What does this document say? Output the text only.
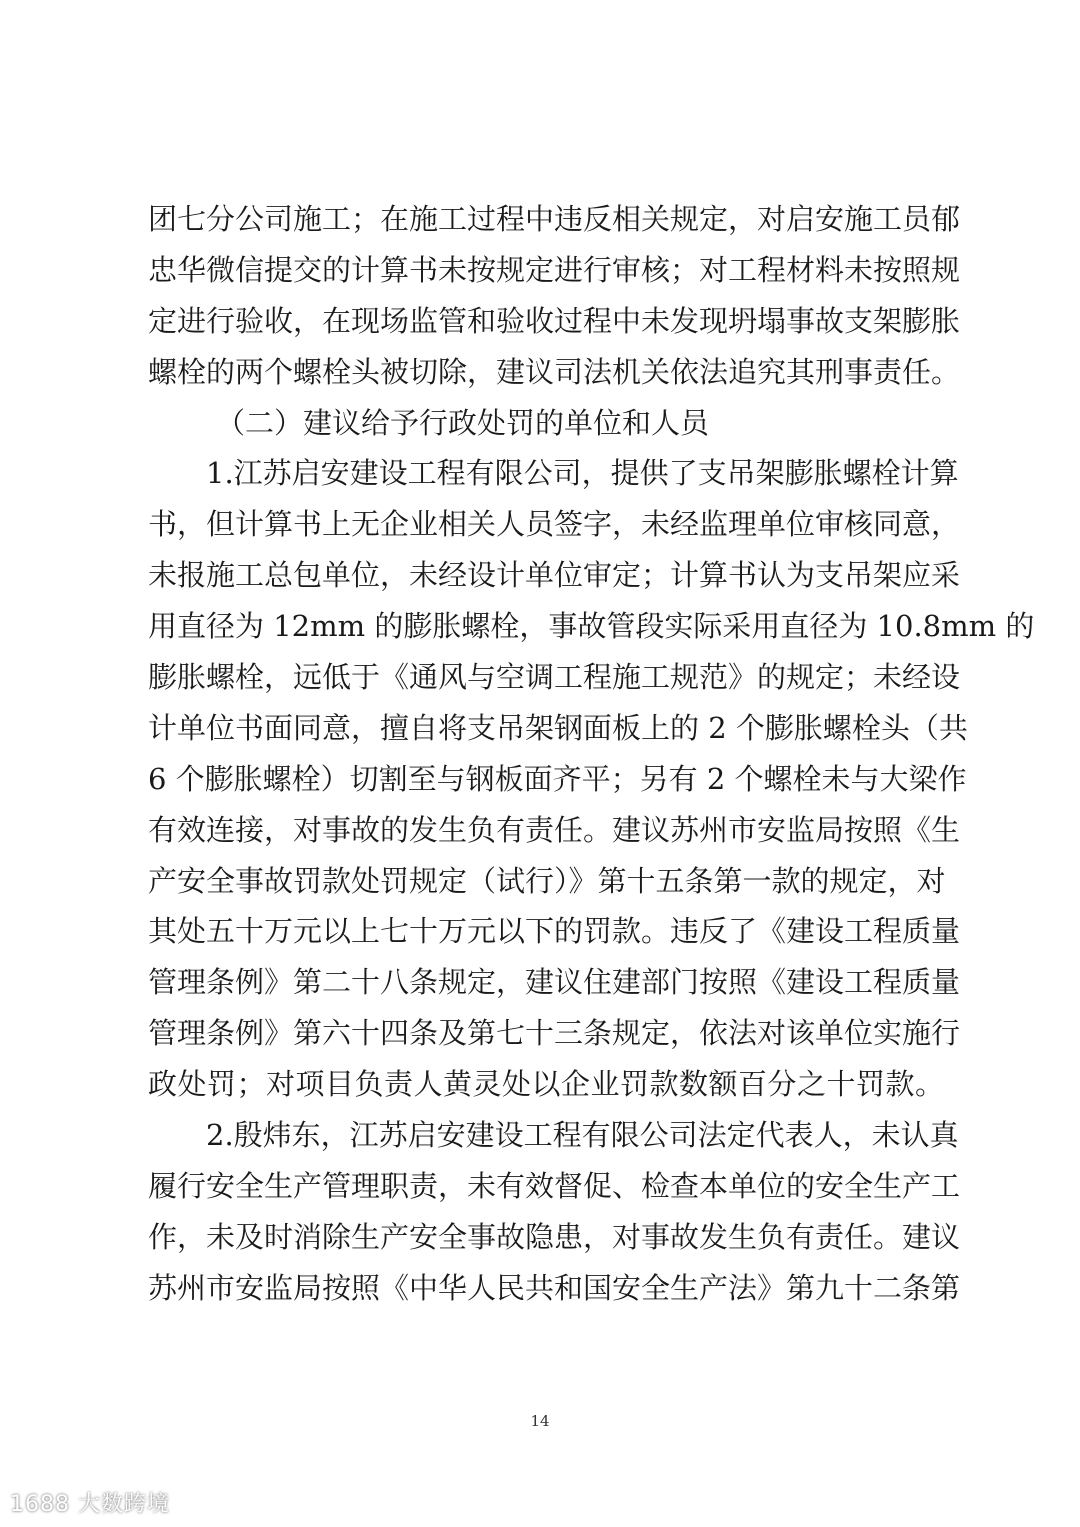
团七分公司施工；在施工过程中违反相关规定，对启安施工员郁
忠华微信提交的计算书未按规定进行审核；对工程材料未按照规
定进行验收，在现场监管和验收过程中未发现坍塌事故支架膨胀
螺栓的两个螺栓头被切除，建议司法机关依法追究其刑事责任。
（二）建议给予行政处罚的单位和人员
1.江苏启安建设工程有限公司，提供了支吊架膨胀螺栓计算
书，但计算书上无企业相关人员签字，未经监理单位审核同意，
未报施工总包单位，未经设计单位审定；计算书认为支吊架应采
用直径为 12mm 的膨胀螺栓，事故管段实际采用直径为 10.8mm 的
膨胀螺栓，远低于《通风与空调工程施工规范》的规定；未经设
计单位书面同意，擅自将支吊架钢面板上的 2 个膨胀螺栓头（共
6 个膨胀螺栓）切割至与钢板面齐平；另有 2 个螺栓未与大梁作
有效连接，对事故的发生负有责任。建议苏州市安监局按照《生
产安全事故罚款处罚规定（试行）》第十五条第一款的规定，对
其处五十万元以上七十万元以下的罚款。违反了《建设工程质量
管理条例》第二十八条规定，建议住建部门按照《建设工程质量
管理条例》第六十四条及第七十三条规定，依法对该单位实施行
政处罚；对项目负责人黄灵处以企业罚款数额百分之十罚款。
2.殷炜东，江苏启安建设工程有限公司法定代表人，未认真
履行安全生产管理职责，未有效督促、检查本单位的安全生产工
作，未及时消除生产安全事故隐患，对事故发生负有责任。建议
苏州市安监局按照《中华人民共和国安全生产法》第九十二条第
14
1688 大数跨境
